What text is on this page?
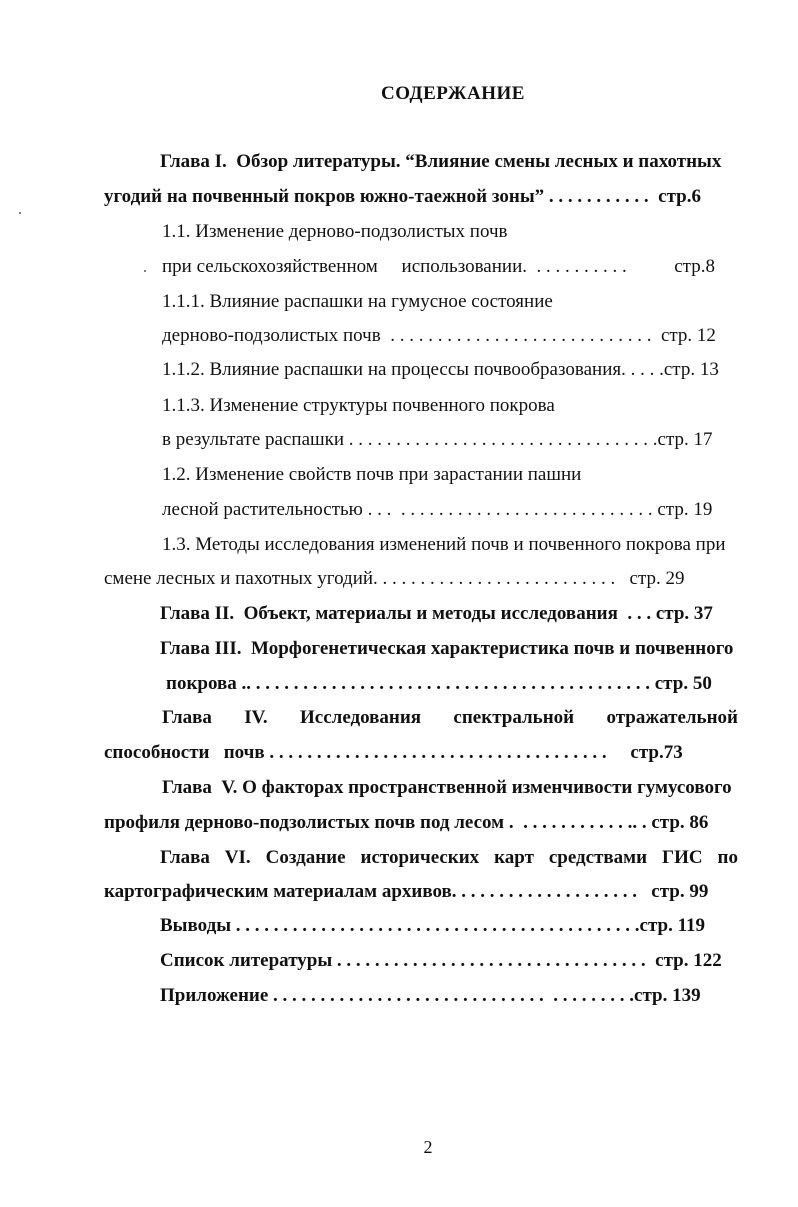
СОДЕРЖАНИЕ
Глава I.  Обзор литературы. “Влияние смены лесных и пахотных
угодий на почвенный покров южно-таежной зоны” . . . . . . . . . . .  стр.6
1.1. Изменение дерново-подзолистых почв
при сельскохозяйственном     использовании.  . . . . . . . . . .          стр.8
1.1.1. Влияние распашки на гумусное состояние
дерново-подзолистых почв  . . . . . . . . . . . . . . . . . . . . . . . . . . . .  стр. 12
1.1.2. Влияние распашки на процессы почвообразования. . . . .стр. 13
1.1.3. Изменение структуры почвенного покрова
в результате распашки . . . . . . . . . . . . . . . . . . . . . . . . . . . . . . . . .стр. 17
1.2. Изменение свойств почв при зарастании пашни
лесной растительностью . . .  . . . . . . . . . . . . . . . . . . . . . . . . . . . стр. 19
1.3. Методы исследования изменений почв и почвенного покрова при
смене лесных и пахотных угодий. . . . . . . . . . . . . . . . . . . . . . . . . .   стр. 29
Глава II.  Объект, материалы и методы исследования  . . . стр. 37
Глава III.  Морфогенетическая характеристика почв и почвенного
покрова .. . . . . . . . . . . . . . . . . . . . . . . . . . . . . . . . . . . . . . . . . . . стр. 50
Глава IV. Исследования спектральной отражательной
способности   почв . . . . . . . . . . . . . . . . . . . . . . . . . . . . . . . . . . . .     стр.73
Глава  V. О факторах пространственной изменчивости гумусового
профиля дерново-подзолистых почв под лесом .  . . . . . . . . . . . .. . стр. 86
Глава VI. Создание исторических карт средствами ГИС по
картографическим материалам архивов. . . . . . . . . . . . . . . . . . . .   стр. 99
Выводы . . . . . . . . . . . . . . . . . . . . . . . . . . . . . . . . . . . . . . . . . . .стр. 119
Список литературы . . . . . . . . . . . . . . . . . . . . . . . . . . . . . . . . .  стр. 122
Приложение . . . . . . . . . . . . . . . . . . . . . . . . . . . . .  . . . . . . . . .стр. 139
2
